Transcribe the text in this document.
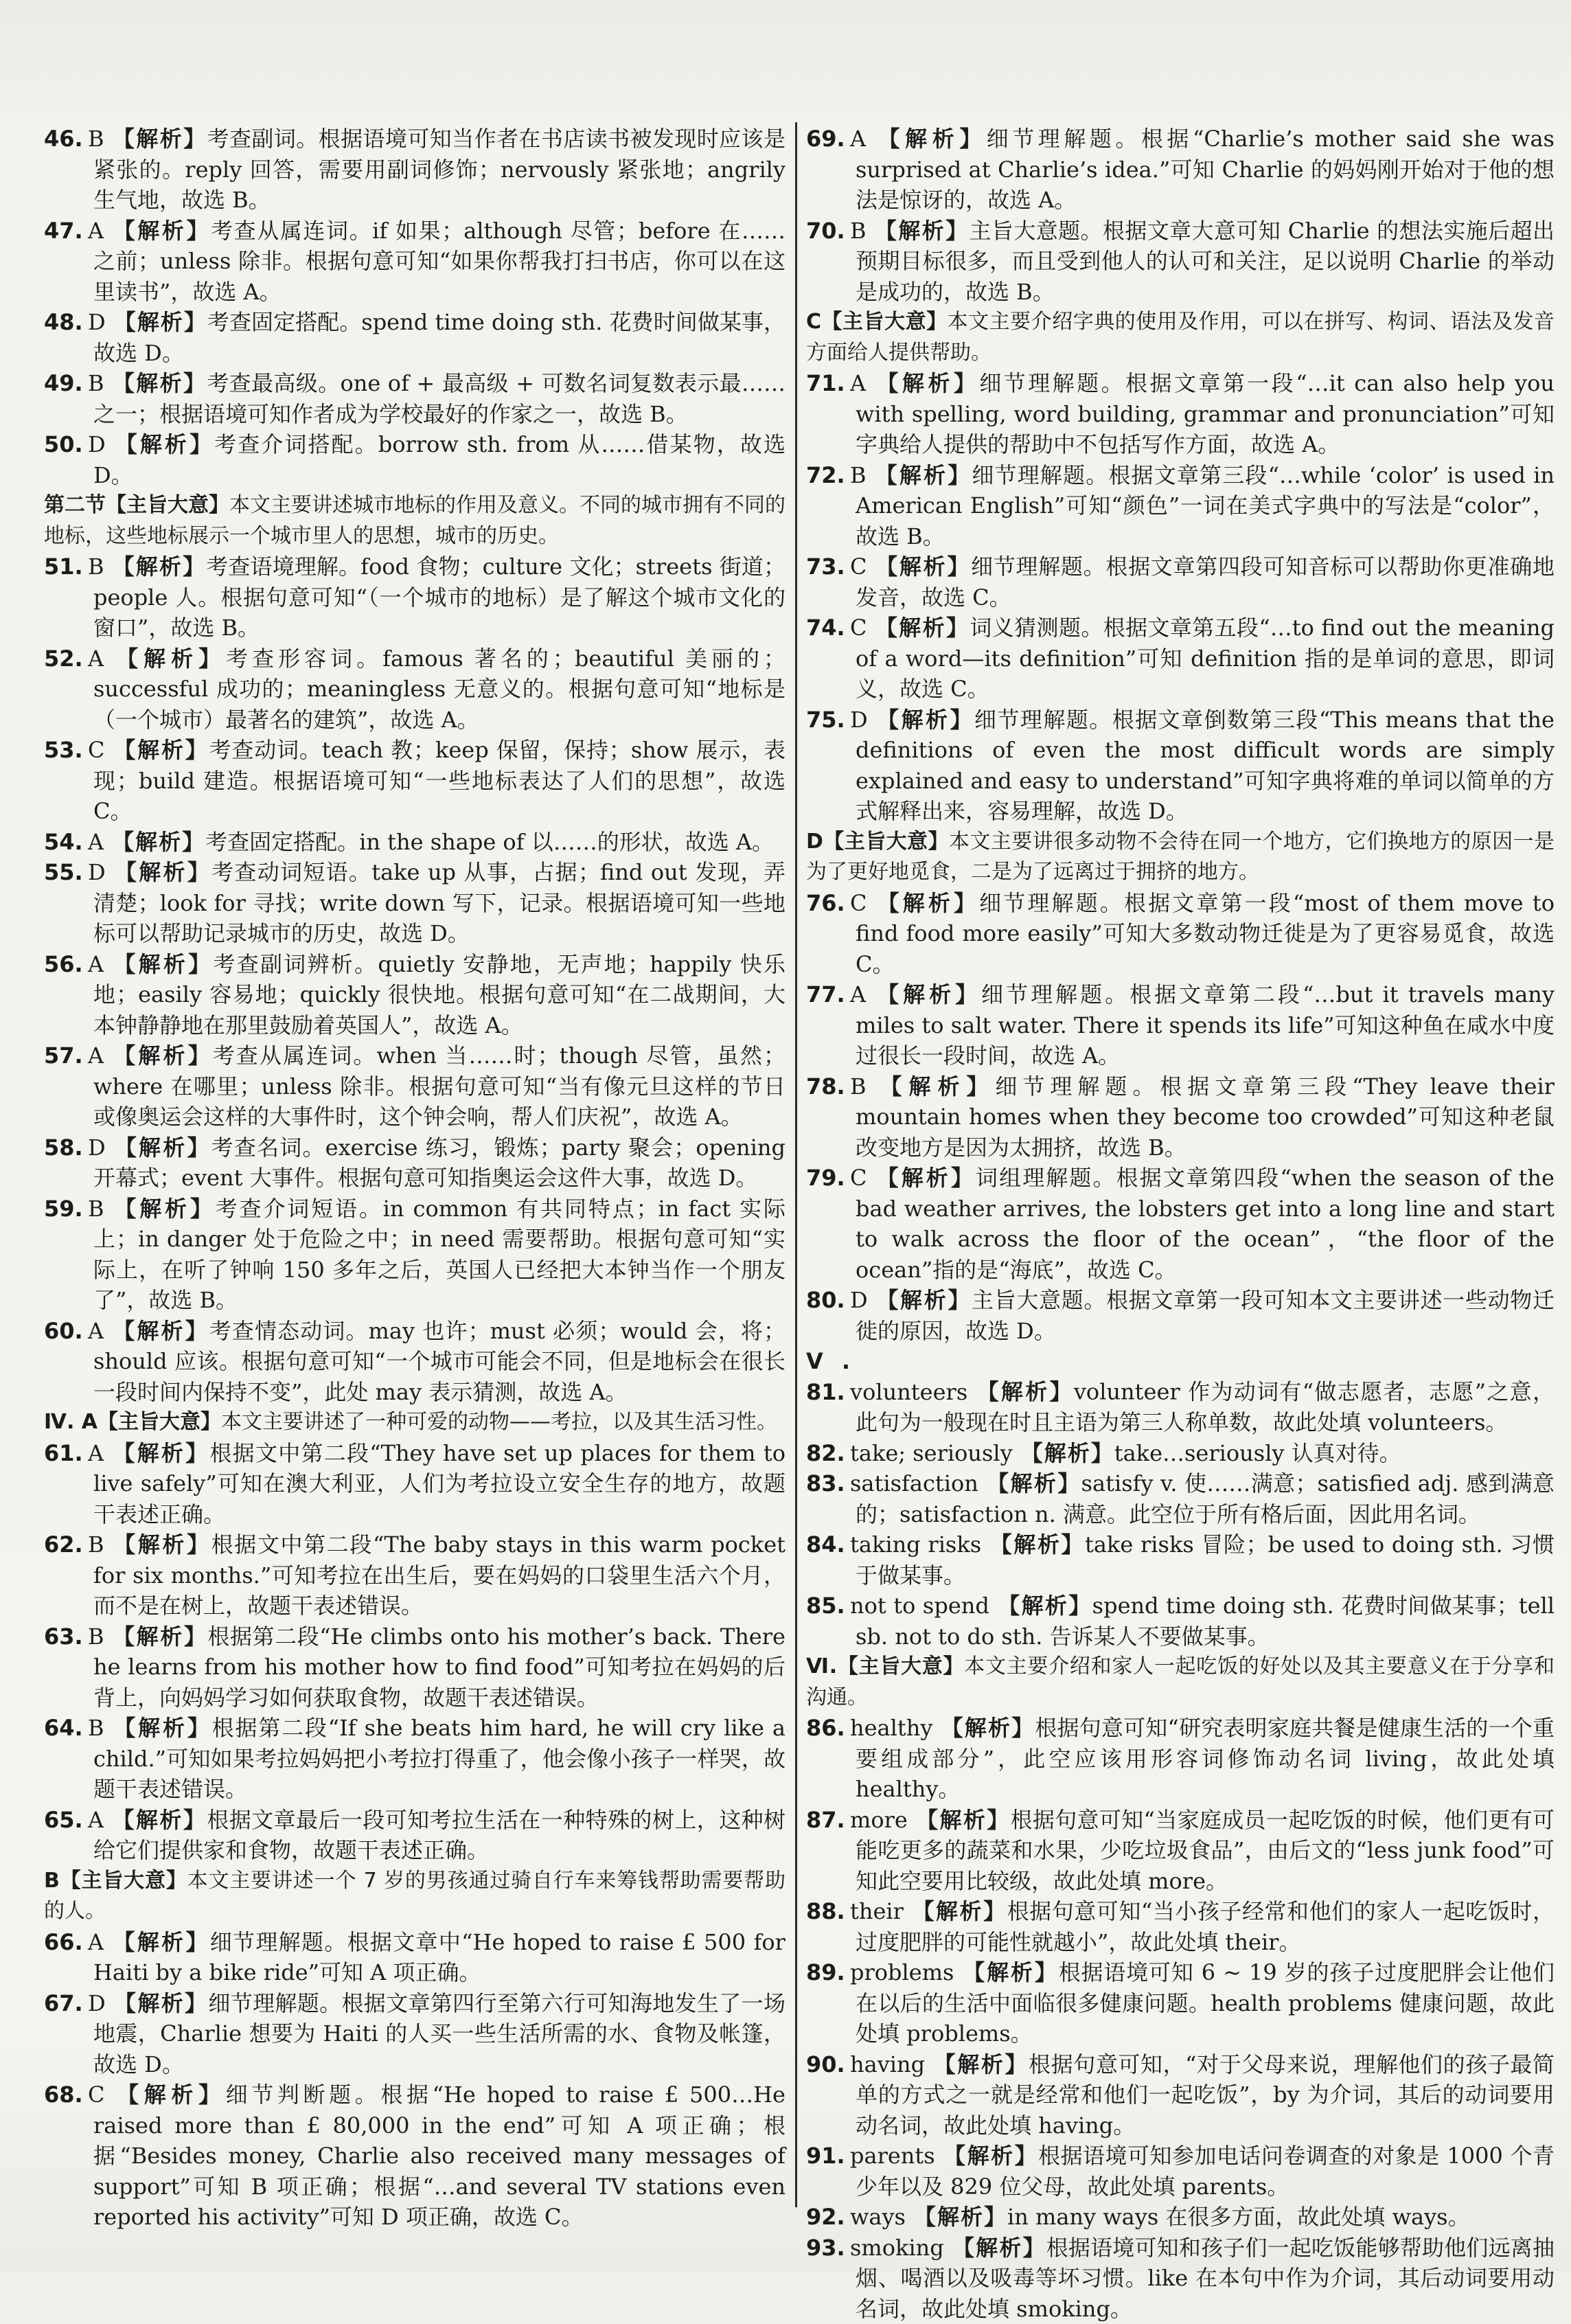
46. B 【解析】考查副词。根据语境可知当作者在书店读书被发现时应该是紧张的。reply 回答，需要用副词修饰；nervously 紧张地；angrily 生气地，故选 B。

47. A 【解析】考查从属连词。if 如果；although 尽管；before 在……之前；unless 除非。根据句意可知“如果你帮我打扫书店，你可以在这里读书”，故选 A。

48. D 【解析】考查固定搭配。spend time doing sth. 花费时间做某事，故选 D。

49. B 【解析】考查最高级。one of + 最高级 + 可数名词复数表示最……之一；根据语境可知作者成为学校最好的作家之一，故选 B。

50. D 【解析】考查介词搭配。borrow sth. from 从……借某物，故选 D。

第二节【主旨大意】本文主要讲述城市地标的作用及意义。不同的城市拥有不同的地标，这些地标展示一个城市里人的思想，城市的历史。

51. B 【解析】考查语境理解。food 食物；culture 文化；streets 街道；people 人。根据句意可知“（一个城市的地标）是了解这个城市文化的窗口”，故选 B。

52. A 【解析】考查形容词。famous 著名的；beautiful 美丽的；successful 成功的；meaningless 无意义的。根据句意可知“地标是（一个城市）最著名的建筑”，故选 A。

53. C 【解析】考查动词。teach 教；keep 保留，保持；show 展示，表现；build 建造。根据语境可知“一些地标表达了人们的思想”，故选 C。

54. A 【解析】考查固定搭配。in the shape of 以……的形状，故选 A。

55. D 【解析】考查动词短语。take up 从事，占据；find out 发现，弄清楚；look for 寻找；write down 写下，记录。根据语境可知一些地标可以帮助记录城市的历史，故选 D。

56. A 【解析】考查副词辨析。quietly 安静地，无声地；happily 快乐地；easily 容易地；quickly 很快地。根据句意可知“在二战期间，大本钟静静地在那里鼓励着英国人”，故选 A。

57. A 【解析】考查从属连词。when 当……时；though 尽管，虽然；where 在哪里；unless 除非。根据句意可知“当有像元旦这样的节日或像奥运会这样的大事件时，这个钟会响，帮人们庆祝”，故选 A。

58. D 【解析】考查名词。exercise 练习，锻炼；party 聚会；opening 开幕式；event 大事件。根据句意可知指奥运会这件大事，故选 D。

59. B 【解析】考查介词短语。in common 有共同特点；in fact 实际上；in danger 处于危险之中；in need 需要帮助。根据句意可知“实际上，在听了钟响 150 多年之后，英国人已经把大本钟当作一个朋友了”，故选 B。

60. A 【解析】考查情态动词。may 也许；must 必须；would 会，将；should 应该。根据句意可知“一个城市可能会不同，但是地标会在很长一段时间内保持不变”，此处 may 表示猜测，故选 A。

Ⅳ. A【主旨大意】本文主要讲述了一种可爱的动物——考拉，以及其生活习性。

61. A 【解析】根据文中第二段“They have set up places for them to live safely”可知在澳大利亚，人们为考拉设立安全生存的地方，故题干表述正确。

62. B 【解析】根据文中第二段“The baby stays in this warm pocket for six months.”可知考拉在出生后，要在妈妈的口袋里生活六个月，而不是在树上，故题干表述错误。

63. B 【解析】根据第二段“He climbs onto his mother’s back. There he learns from his mother how to find food”可知考拉在妈妈的后背上，向妈妈学习如何获取食物，故题干表述错误。

64. B 【解析】根据第二段“If she beats him hard, he will cry like a child.”可知如果考拉妈妈把小考拉打得重了，他会像小孩子一样哭，故题干表述错误。

65. A 【解析】根据文章最后一段可知考拉生活在一种特殊的树上，这种树给它们提供家和食物，故题干表述正确。

B【主旨大意】本文主要讲述一个 7 岁的男孩通过骑自行车来筹钱帮助需要帮助的人。

66. A 【解析】细节理解题。根据文章中“He hoped to raise £ 500 for Haiti by a bike ride”可知 A 项正确。

67. D 【解析】细节理解题。根据文章第四行至第六行可知海地发生了一场地震，Charlie 想要为 Haiti 的人买一些生活所需的水、食物及帐篷，故选 D。

68. C 【解析】细节判断题。根据“He hoped to raise £ 500…He raised more than £ 80,000 in the end”可知 A 项正确；根据“Besides money, Charlie also received many messages of support”可知 B 项正确；根据“…and several TV stations even reported his activity”可知 D 项正确，故选 C。

69. A 【解析】细节理解题。根据“Charlie’s mother said she was surprised at Charlie’s idea.”可知 Charlie 的妈妈刚开始对于他的想法是惊讶的，故选 A。

70. B 【解析】主旨大意题。根据文章大意可知 Charlie 的想法实施后超出预期目标很多，而且受到他人的认可和关注，足以说明 Charlie 的举动是成功的，故选 B。

C【主旨大意】本文主要介绍字典的使用及作用，可以在拼写、构词、语法及发音方面给人提供帮助。

71. A 【解析】细节理解题。根据文章第一段“…it can also help you with spelling, word building, grammar and pronunciation”可知字典给人提供的帮助中不包括写作方面，故选 A。

72. B 【解析】细节理解题。根据文章第三段“…while ‘color’ is used in American English”可知“颜色”一词在美式字典中的写法是“color”，故选 B。

73. C 【解析】细节理解题。根据文章第四段可知音标可以帮助你更准确地发音，故选 C。

74. C 【解析】词义猜测题。根据文章第五段“…to find out the meaning of a word—its definition”可知 definition 指的是单词的意思，即词义，故选 C。

75. D 【解析】细节理解题。根据文章倒数第三段“This means that the definitions of even the most difficult words are simply explained and easy to understand”可知字典将难的单词以简单的方式解释出来，容易理解，故选 D。

D【主旨大意】本文主要讲很多动物不会待在同一个地方，它们换地方的原因一是为了更好地觅食，二是为了远离过于拥挤的地方。

76. C 【解析】细节理解题。根据文章第一段“most of them move to find food more easily”可知大多数动物迁徙是为了更容易觅食，故选 C。

77. A 【解析】细节理解题。根据文章第二段“…but it travels many miles to salt water. There it spends its life”可知这种鱼在咸水中度过很长一段时间，故选 A。

78. B 【解析】细节理解题。根据文章第三段“They leave their mountain homes when they become too crowded”可知这种老鼠改变地方是因为太拥挤，故选 B。

79. C 【解析】词组理解题。根据文章第四段“when the season of the bad weather arrives, the lobsters get into a long line and start to walk across the floor of the ocean”，“the floor of the ocean”指的是“海底”，故选 C。

80. D 【解析】主旨大意题。根据文章第一段可知本文主要讲述一些动物迁徙的原因，故选 D。

Ⅴ. 81. volunteers 【解析】volunteer 作为动词有“做志愿者，志愿”之意，此句为一般现在时且主语为第三人称单数，故此处填 volunteers。

82. take; seriously 【解析】take…seriously 认真对待。

83. satisfaction 【解析】satisfy v. 使……满意；satisfied adj. 感到满意的；satisfaction n. 满意。此空位于所有格后面，因此用名词。

84. taking risks 【解析】take risks 冒险；be used to doing sth. 习惯于做某事。

85. not to spend 【解析】spend time doing sth. 花费时间做某事；tell sb. not to do sth. 告诉某人不要做某事。

Ⅵ.【主旨大意】本文主要介绍和家人一起吃饭的好处以及其主要意义在于分享和沟通。

86. healthy 【解析】根据句意可知“研究表明家庭共餐是健康生活的一个重要组成部分”，此空应该用形容词修饰动名词 living，故此处填 healthy。

87. more 【解析】根据句意可知“当家庭成员一起吃饭的时候，他们更有可能吃更多的蔬菜和水果，少吃垃圾食品”，由后文的“less junk food”可知此空要用比较级，故此处填 more。

88. their 【解析】根据句意可知“当小孩子经常和他们的家人一起吃饭时，过度肥胖的可能性就越小”，故此处填 their。

89. problems 【解析】根据语境可知 6 ~ 19 岁的孩子过度肥胖会让他们在以后的生活中面临很多健康问题。health problems 健康问题，故此处填 problems。

90. having 【解析】根据句意可知，“对于父母来说，理解他们的孩子最简单的方式之一就是经常和他们一起吃饭”，by 为介词，其后的动词要用动名词，故此处填 having。

91. parents 【解析】根据语境可知参加电话问卷调查的对象是 1000 个青少年以及 829 位父母，故此处填 parents。

92. ways 【解析】in many ways 在很多方面，故此处填 ways。

93. smoking 【解析】根据语境可知和孩子们一起吃饭能够帮助他们远离抽烟、喝酒以及吸毒等坏习惯。like 在本句中作为介词，其后动词要用动名词，故此处填 smoking。
